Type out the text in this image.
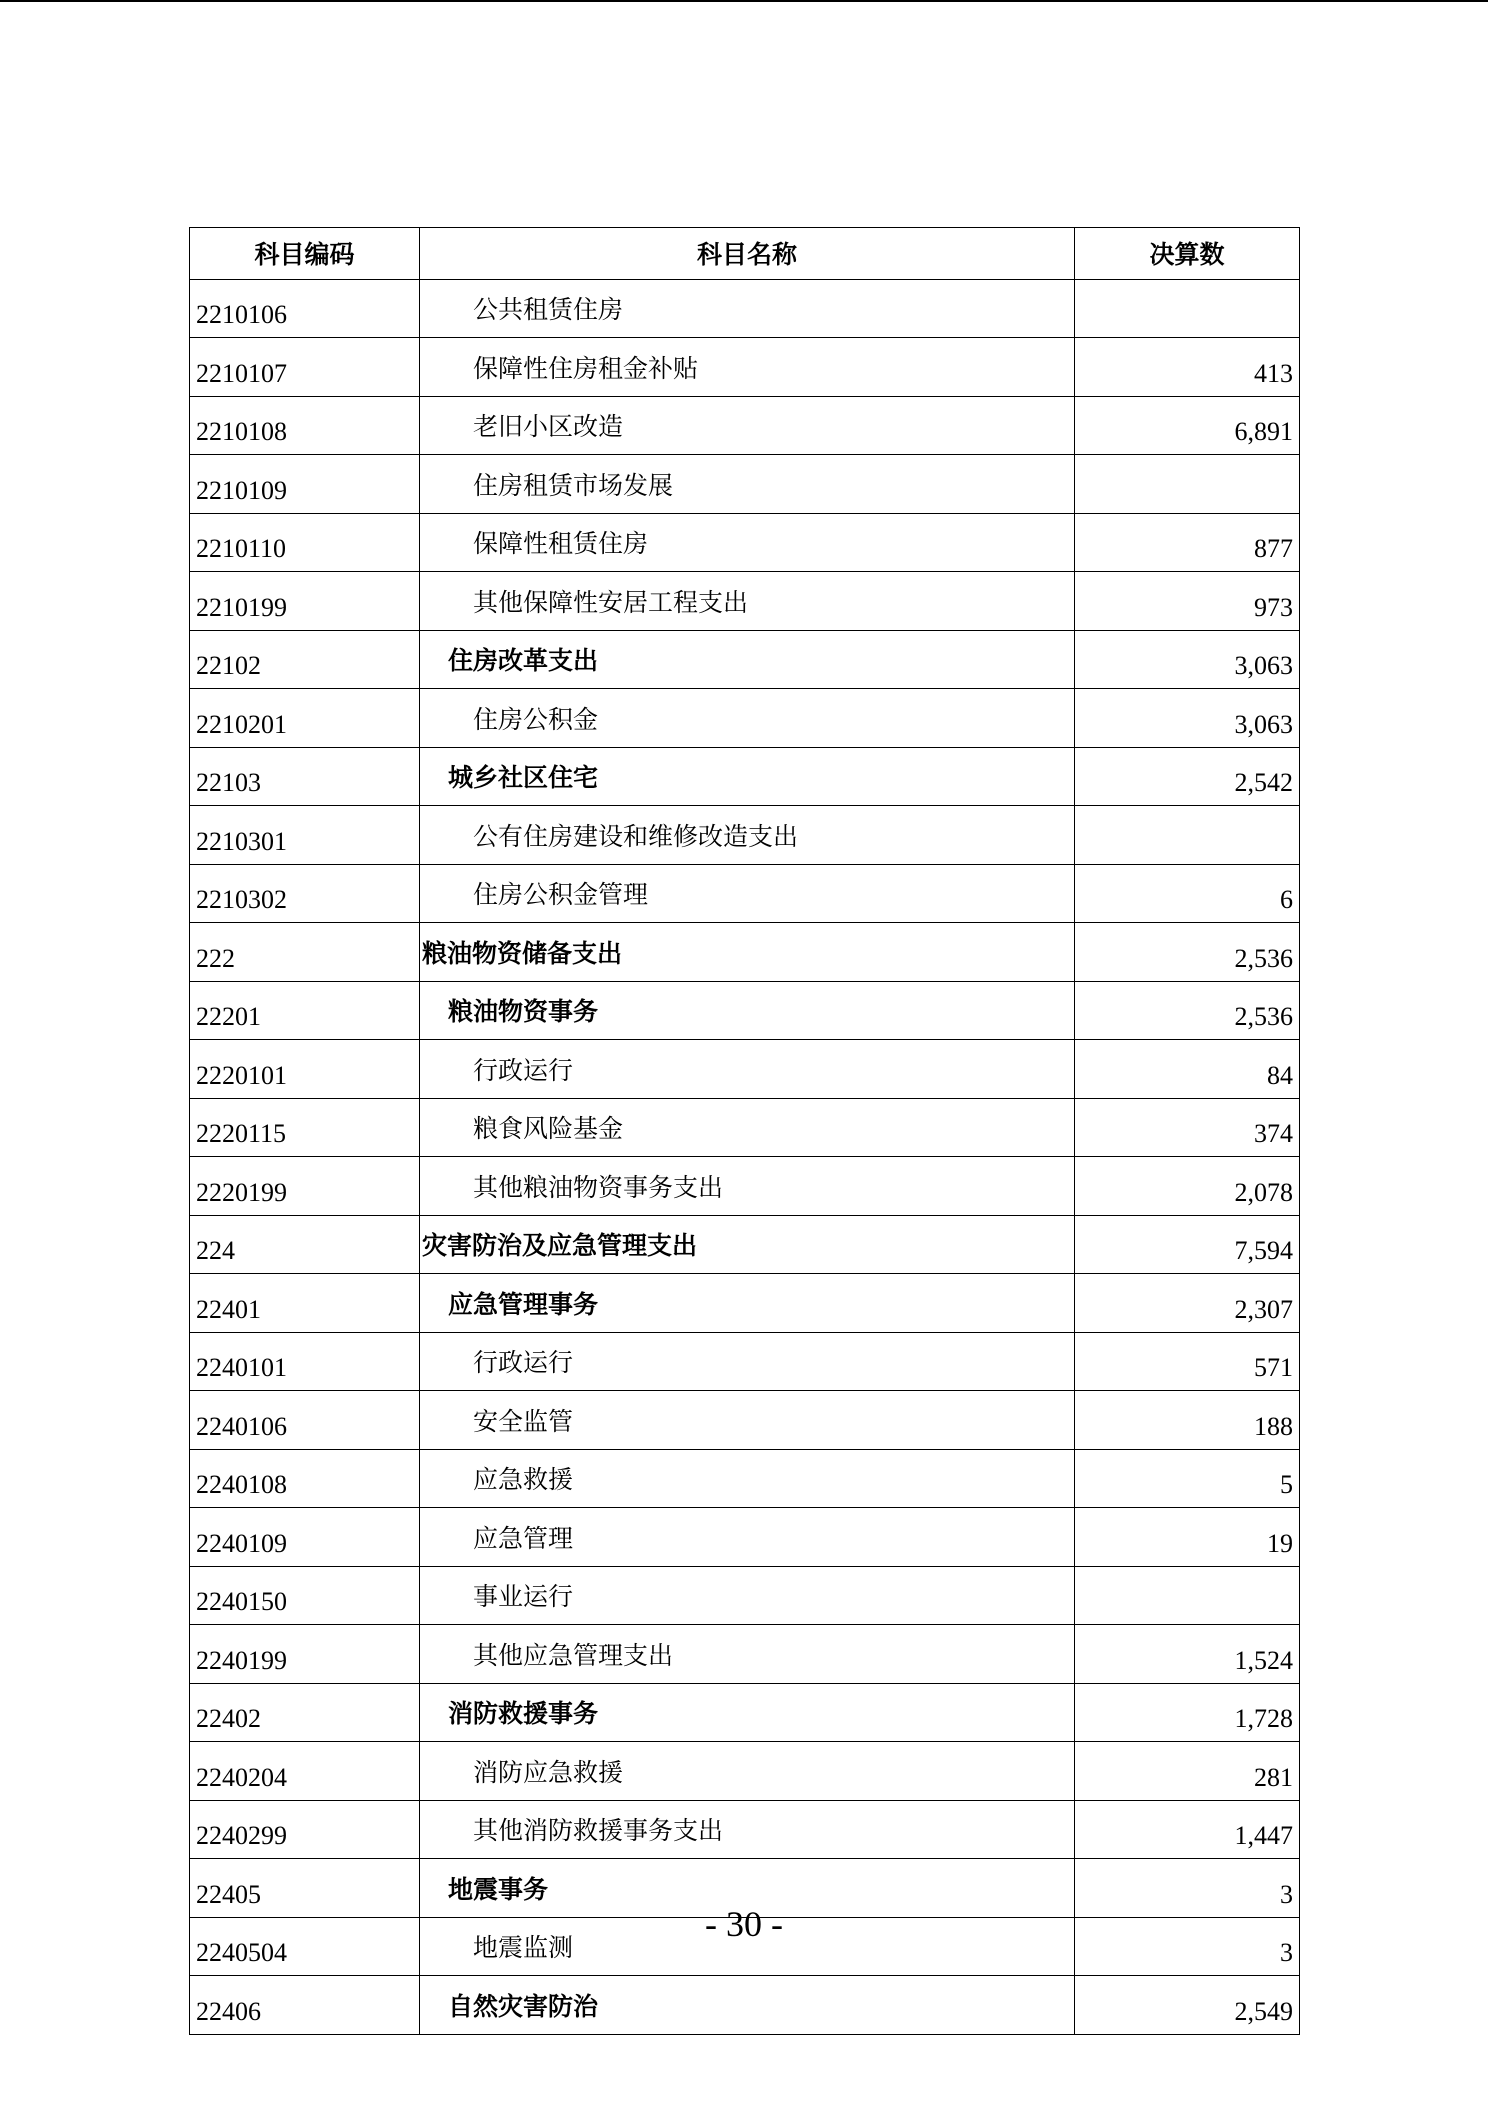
科目编码	科目名称	决算数
2210106	公共租赁住房	
2210107	保障性住房租金补贴	413
2210108	老旧小区改造	6,891
2210109	住房租赁市场发展	
2210110	保障性租赁住房	877
2210199	其他保障性安居工程支出	973
22102	住房改革支出	3,063
2210201	住房公积金	3,063
22103	城乡社区住宅	2,542
2210301	公有住房建设和维修改造支出	
2210302	住房公积金管理	6
222	粮油物资储备支出	2,536
22201	粮油物资事务	2,536
2220101	行政运行	84
2220115	粮食风险基金	374
2220199	其他粮油物资事务支出	2,078
224	灾害防治及应急管理支出	7,594
22401	应急管理事务	2,307
2240101	行政运行	571
2240106	安全监管	188
2240108	应急救援	5
2240109	应急管理	19
2240150	事业运行	
2240199	其他应急管理支出	1,524
22402	消防救援事务	1,728
2240204	消防应急救援	281
2240299	其他消防救援事务支出	1,447
22405	地震事务	3
2240504	地震监测	3
22406	自然灾害防治	2,549
- 30 -
